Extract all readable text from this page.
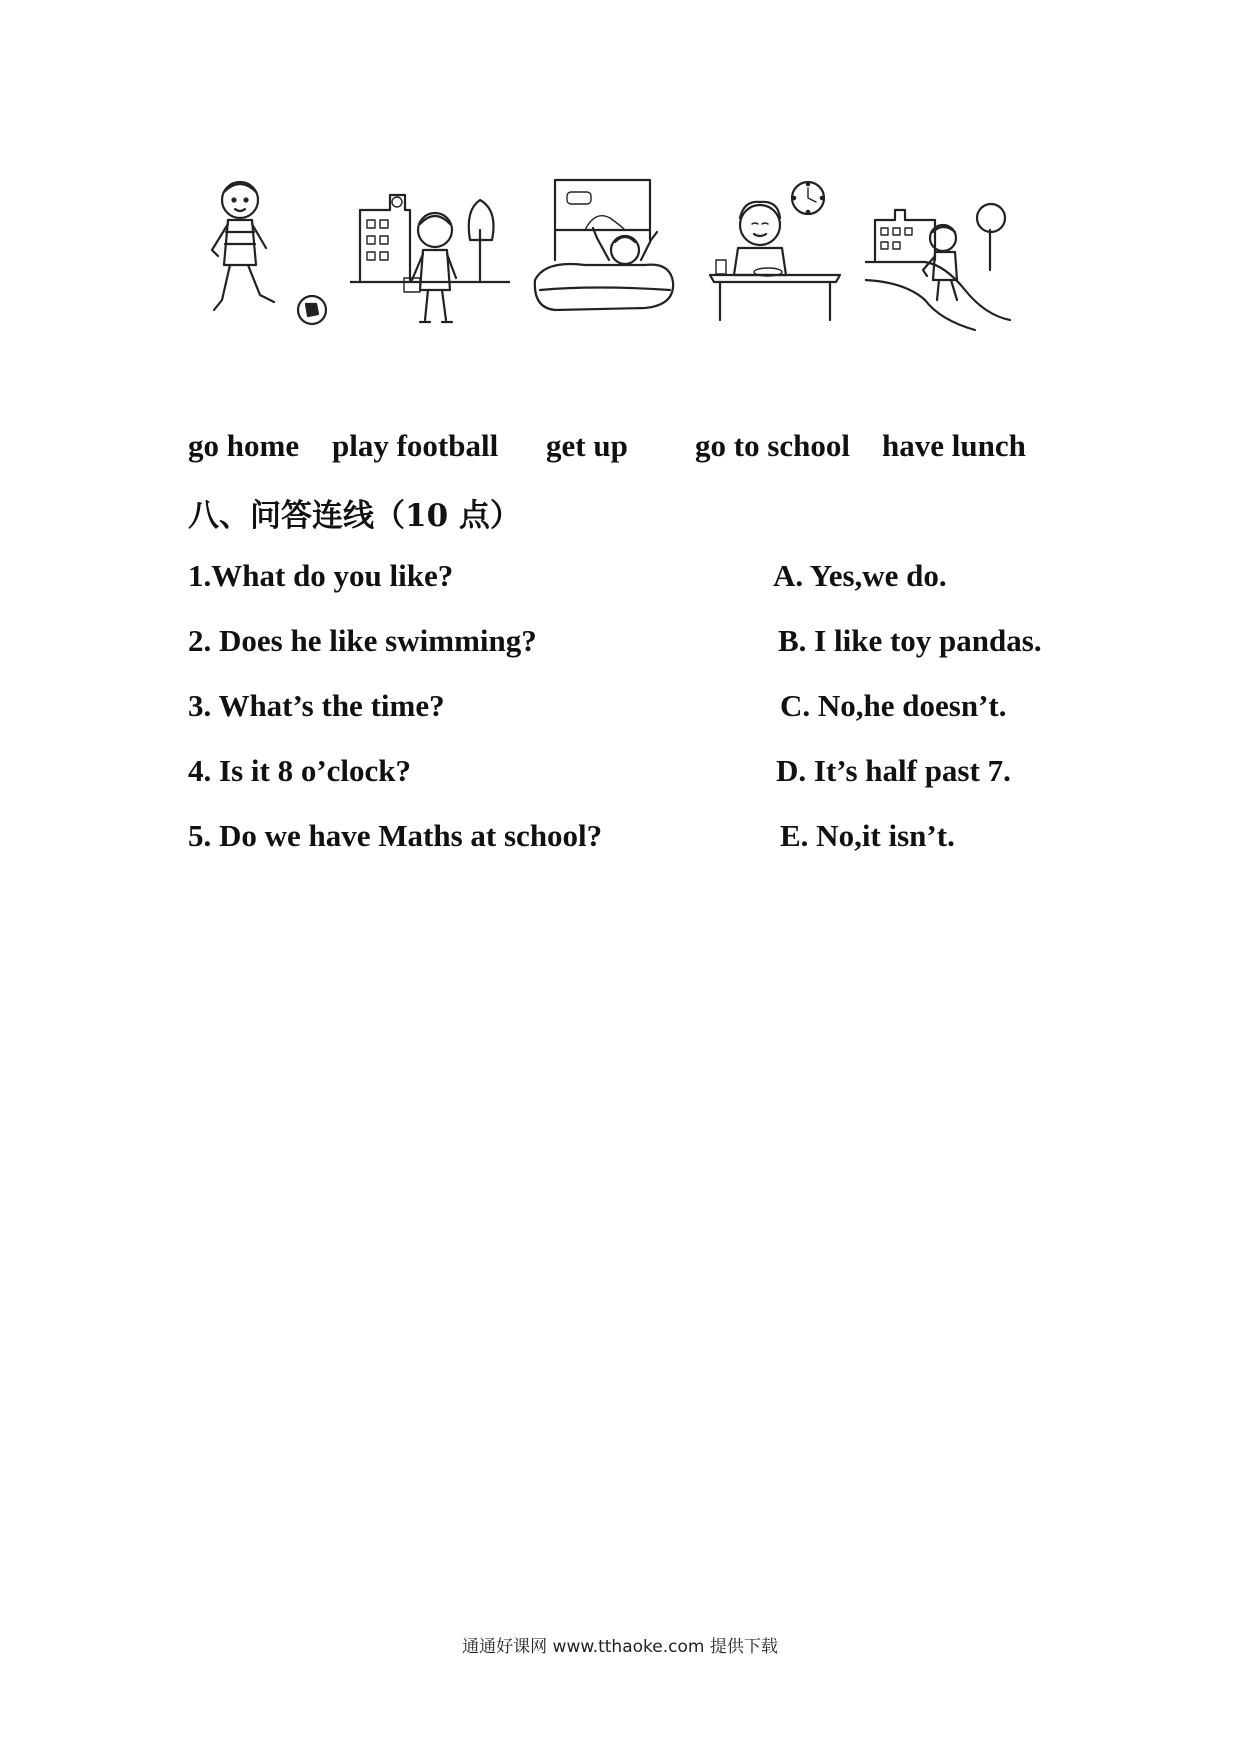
go home play football get up go to school have lunch
八、问答连线（10 点）
1.What do you like?
2. Does he like swimming?
3. What’s the time?
4. Is it 8 o’clock?
5. Do we have Maths at school?
A. Yes,we do.
B. I like toy pandas.
C. No,he doesn’t.
D. It’s half past 7.
E. No,it isn’t.
通通好课网 www.tthaoke.com 提供下载
